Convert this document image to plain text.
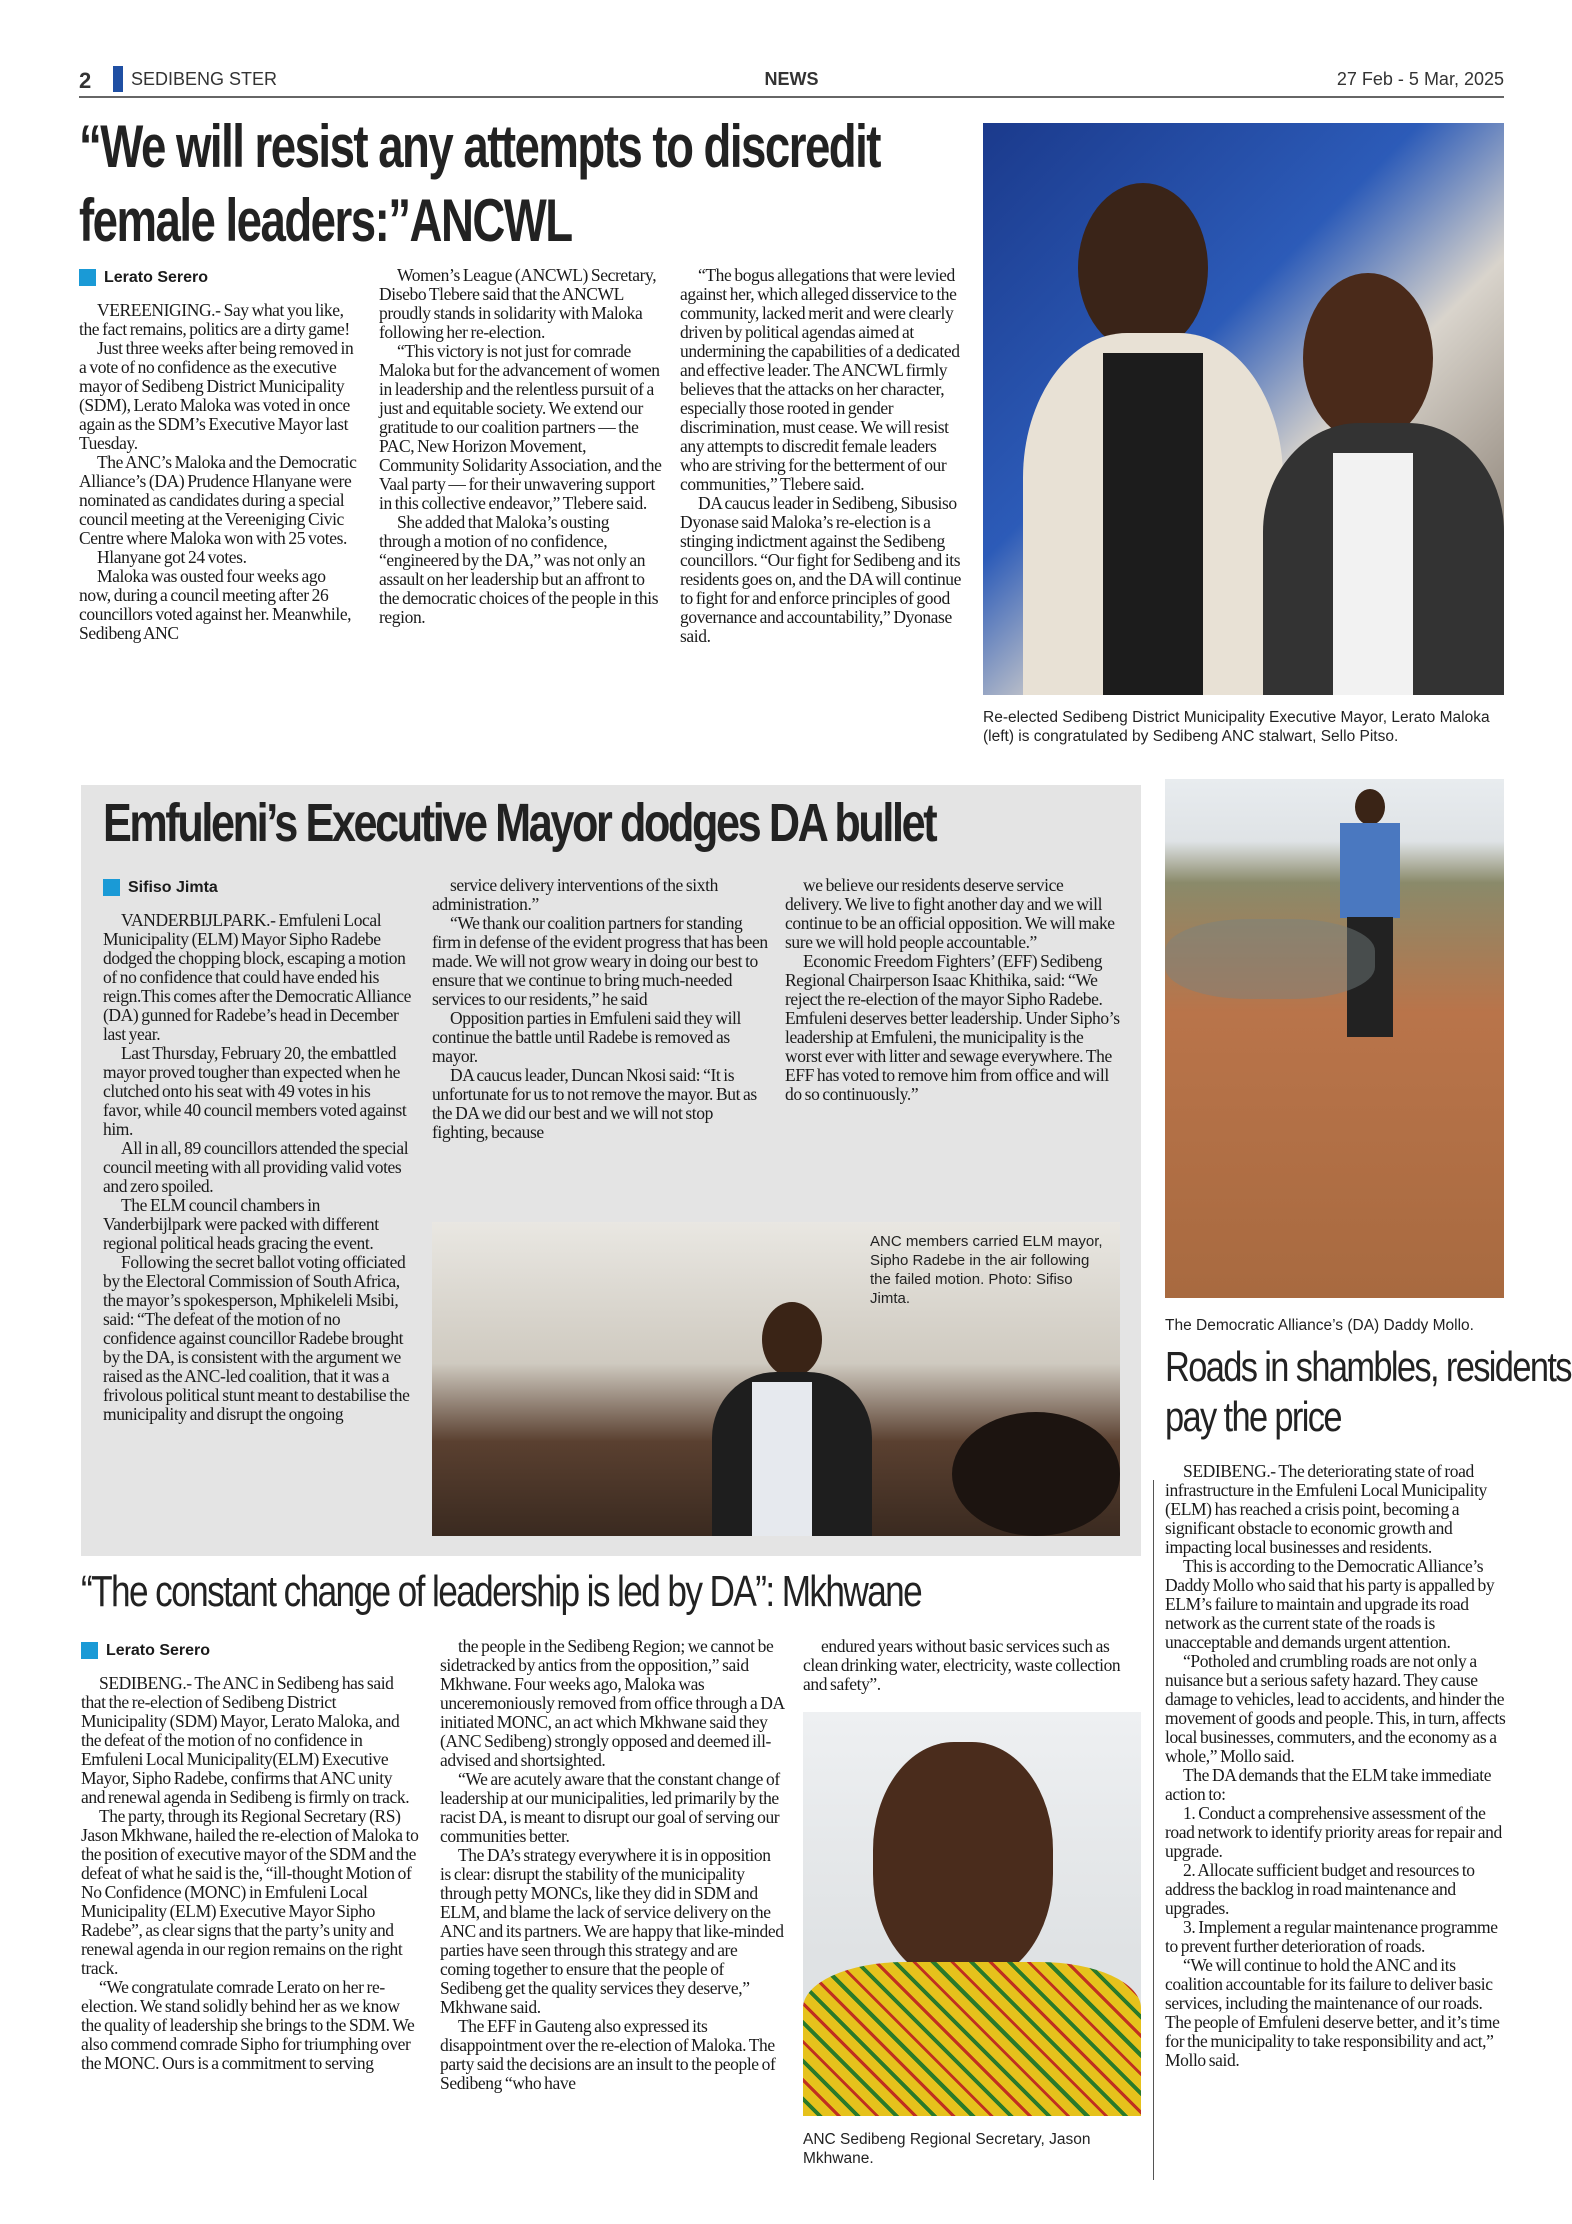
2 SEDIBENG STER	NEWS	27 Feb - 5 Mar, 2025
“We will resist any attempts to discredit female leaders:”ANCWL
Lerato Serero

VEREENIGING.- Say what you like, the fact remains, politics are a dirty game!

Just three weeks after being removed in a vote of no confidence as the executive mayor of Sedibeng District Municipality (SDM), Lerato Maloka was voted in once again as the SDM’s Executive Mayor last Tuesday.

The ANC’s Maloka and the Democratic Alliance’s (DA) Prudence Hlanyane were nominated as candidates during a special council meeting at the Vereeniging Civic Centre where Maloka won with 25 votes.

Hlanyane got 24 votes.

Maloka was ousted four weeks ago now, during a council meeting after 26 councillors voted against her. Meanwhile, Sedibeng ANC

Women’s League (ANCWL) Secretary, Disebo Tlebere said that the ANCWL proudly stands in solidarity with Maloka following her re-election.

“This victory is not just for comrade Maloka but for the advancement of women in leadership and the relentless pursuit of a just and equitable society. We extend our gratitude to our coalition partners — the PAC, New Horizon Movement, Community Solidarity Association, and the Vaal party — for their unwavering support in this collective endeavor,” Tlebere said.

She added that Maloka’s ousting through a motion of no confidence, “engineered by the DA,” was not only an assault on her leadership but an affront to the democratic choices of the people in this region.

“The bogus allegations that were levied against her, which alleged disservice to the community, lacked merit and were clearly driven by political agendas aimed at undermining the capabilities of a dedicated and effective leader. The ANCWL firmly believes that the attacks on her character, especially those rooted in gender discrimination, must cease. We will resist any attempts to discredit female leaders who are striving for the betterment of our communities,” Tlebere said.

DA caucus leader in Sedibeng, Sibusiso Dyonase said Maloka’s re-election is a stinging indictment against the Sedibeng councillors. “Our fight for Sedibeng and its residents goes on, and the DA will continue to fight for and enforce principles of good governance and accountability,” Dyonase said.

Re-elected Sedibeng District Municipality Executive Mayor, Lerato Maloka (left) is congratulated by Sedibeng ANC stalwart, Sello Pitso.
Emfuleni’s Executive Mayor dodges DA bullet
Sifiso Jimta

VANDERBIJLPARK.- Emfuleni Local Municipality (ELM) Mayor Sipho Radebe dodged the chopping block, escaping a motion of no confidence that could have ended his reign.This comes after the Democratic Alliance (DA) gunned for Radebe’s head in December last year.

Last Thursday, February 20, the embattled mayor proved tougher than expected when he clutched onto his seat with 49 votes in his favor, while 40 council members voted against him.

All in all, 89 councillors attended the special council meeting with all providing valid votes and zero spoiled.

The ELM council chambers in Vanderbijlpark were packed with different regional political heads gracing the event.

Following the secret ballot voting officiated by the Electoral Commission of South Africa, the mayor’s spokesperson, Mphikeleli Msibi, said: “The defeat of the motion of no confidence against councillor Radebe brought by the DA, is consistent with the argument we raised as the ANC-led coalition, that it was a frivolous political stunt meant to destabilise the municipality and disrupt the ongoing

service delivery interventions of the sixth administration.”

“We thank our coalition partners for standing firm in defense of the evident progress that has been made. We will not grow weary in doing our best to ensure that we continue to bring much-needed services to our residents,” he said

Opposition parties in Emfuleni said they will continue the battle until Radebe is removed as mayor.

DA caucus leader, Duncan Nkosi said: “It is unfortunate for us to not remove the mayor. But as the DA we did our best and we will not stop fighting, because

we believe our residents deserve service delivery. We live to fight another day and we will continue to be an official opposition. We will make sure we will hold people accountable.”

Economic Freedom Fighters’ (EFF) Sedibeng Regional Chairperson Isaac Khithika, said: “We reject the re-election of the mayor Sipho Radebe. Emfuleni deserves better leadership. Under Sipho’s leadership at Emfuleni, the municipality is the worst ever with litter and sewage everywhere. The EFF has voted to remove him from office and will do so continuously.”

ANC members carried ELM mayor, Sipho Radebe in the air following the failed motion. Photo: Sifiso Jimta.
The Democratic Alliance’s (DA) Daddy Mollo.
Roads in shambles, residents pay the price

SEDIBENG.- The deteriorating state of road infrastructure in the Emfuleni Local Municipality (ELM) has reached a crisis point, becoming a significant obstacle to economic growth and impacting local businesses and residents.

This is according to the Democratic Alliance’s Daddy Mollo who said that his party is appalled by ELM’s failure to maintain and upgrade its road network as the current state of the roads is unacceptable and demands urgent attention.

“Potholed and crumbling roads are not only a nuisance but a serious safety hazard. They cause damage to vehicles, lead to accidents, and hinder the movement of goods and people. This, in turn, affects local businesses, commuters, and the economy as a whole,” Mollo said.

The DA demands that the ELM take immediate action to:

1. Conduct a comprehensive assessment of the road network to identify priority areas for repair and upgrade.

2. Allocate sufficient budget and resources to address the backlog in road maintenance and upgrades.

3. Implement a regular maintenance programme to prevent further deterioration of roads.

“We will continue to hold the ANC and its coalition accountable for its failure to deliver basic services, including the maintenance of our roads. The people of Emfuleni deserve better, and it’s time for the municipality to take responsibility and act,” Mollo said.

“The constant change of leadership is led by DA”: Mkhwane
Lerato Serero

SEDIBENG.- The ANC in Sedibeng has said that the re-election of Sedibeng District Municipality (SDM) Mayor, Lerato Maloka, and the defeat of the motion of no confidence in Emfuleni Local Municipality(ELM) Executive Mayor, Sipho Radebe, confirms that ANC unity and renewal agenda in Sedibeng is firmly on track.

The party, through its Regional Secretary (RS) Jason Mkhwane, hailed the re-election of Maloka to the position of executive mayor of the SDM and the defeat of what he said is the, “ill-thought Motion of No Confidence (MONC) in Emfuleni Local Municipality (ELM) Executive Mayor Sipho Radebe”, as clear signs that the party’s unity and renewal agenda in our region remains on the right track.

“We congratulate comrade Lerato on her re-election. We stand solidly behind her as we know the quality of leadership she brings to the SDM. We also commend comrade Sipho for triumphing over the MONC. Ours is a commitment to serving

the people in the Sedibeng Region; we cannot be sidetracked by antics from the opposition,” said Mkhwane. Four weeks ago, Maloka was unceremoniously removed from office through a DA initiated MONC, an act which Mkhwane said they (ANC Sedibeng) strongly opposed and deemed ill-advised and shortsighted.

“We are acutely aware that the constant change of leadership at our municipalities, led primarily by the racist DA, is meant to disrupt our goal of serving our communities better.

The DA’s strategy everywhere it is in opposition is clear: disrupt the stability of the municipality through petty MONCs, like they did in SDM and ELM, and blame the lack of service delivery on the ANC and its partners. We are happy that like-minded parties have seen through this strategy and are coming together to ensure that the people of Sedibeng get the quality services they deserve,” Mkhwane said.

The EFF in Gauteng also expressed its disappointment over the re-election of Maloka. The party said the decisions are an insult to the people of Sedibeng “who have

endured years without basic services such as clean drinking water, electricity, waste collection and safety”.

ANC Sedibeng Regional Secretary, Jason Mkhwane.
